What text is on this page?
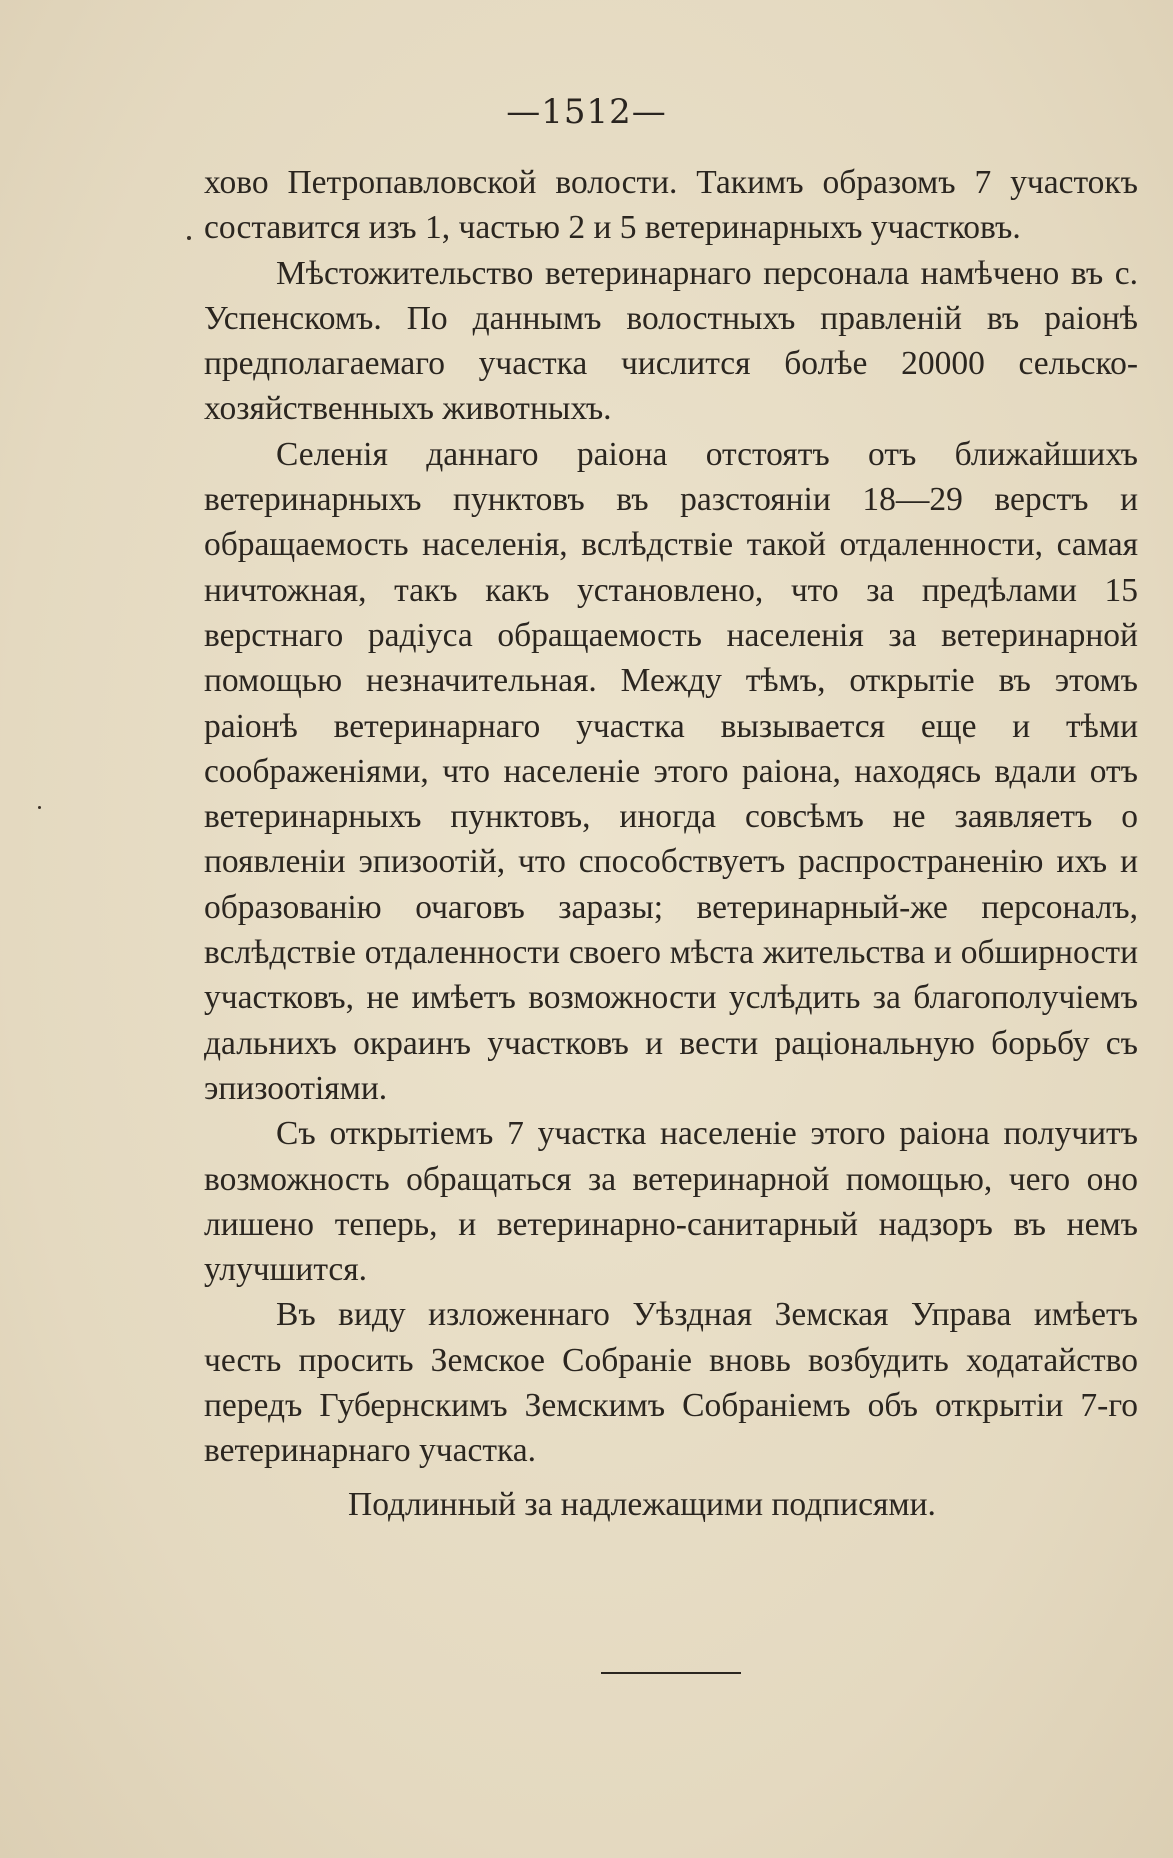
—1512—

хово Петропавловской волости. Такимъ образомъ 7 участокъ составится изъ 1, частью 2 и 5 ветеринарныхъ участковъ.

Мѣстожительство ветеринарнаго персонала намѣчено въ с. Успенскомъ. По даннымъ волостныхъ правленій въ раіонѣ предполагаемаго участка числится болѣе 20000 сельско-хозяйственныхъ животныхъ.

Селенія даннаго раіона отстоятъ отъ ближайшихъ ветеринарныхъ пунктовъ въ разстояніи 18—29 верстъ и обращаемость населенія, вслѣдствіе такой отдаленности, самая ничтожная, такъ какъ установлено, что за предѣлами 15 верстнаго радіуса обращаемость населенія за ветеринарной помощью незначительная. Между тѣмъ, открытіе въ этомъ раіонѣ ветеринарнаго участка вызывается еще и тѣми соображеніями, что населеніе этого раіона, находясь вдали отъ ветеринарныхъ пунктовъ, иногда совсѣмъ не заявляетъ о появленіи эпизоотій, что способствуетъ распространенію ихъ и образованію очаговъ заразы; ветеринарный-же персоналъ, вслѣдствіе отдаленности своего мѣста жительства и обширности участковъ, не имѣетъ возможности услѣдить за благополучіемъ дальнихъ окраинъ участковъ и вести раціональную борьбу съ эпизоотіями.

Съ открытіемъ 7 участка населеніе этого раіона получитъ возможность обращаться за ветеринарной помощью, чего оно лишено теперь, и ветеринарно-санитарный надзоръ въ немъ улучшится.

Въ виду изложеннаго Уѣздная Земская Управа имѣетъ честь просить Земское Собраніе вновь возбудить ходатайство передъ Губернскимъ Земскимъ Собраніемъ объ открытіи 7-го ветеринарнаго участка.

Подлинный за надлежащими подписями.
